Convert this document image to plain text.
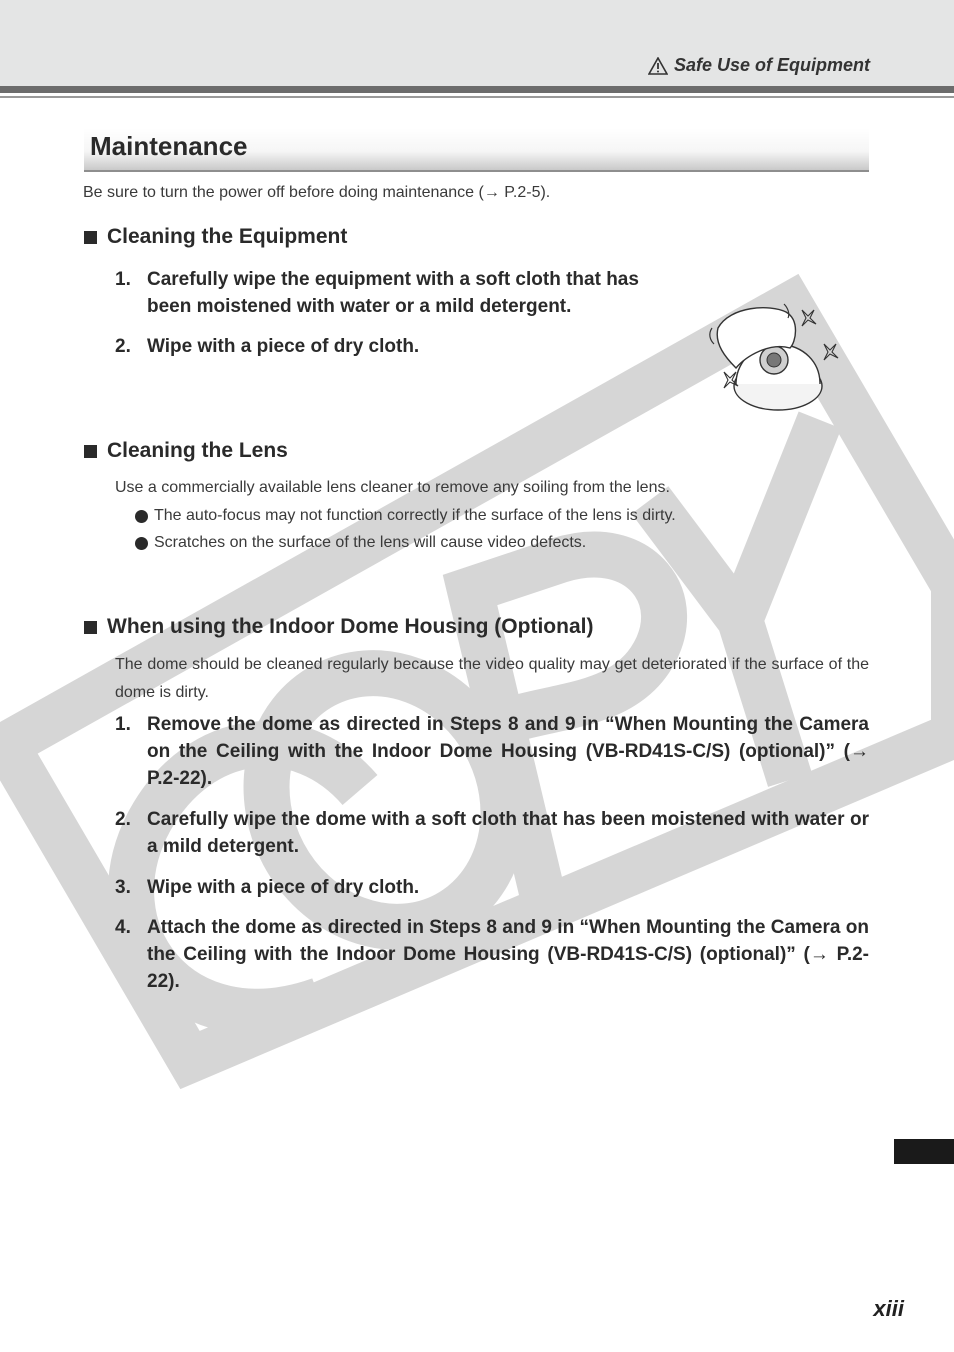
Safe Use of Equipment
Maintenance
Be sure to turn the power off before doing maintenance (→ P.2-5).
Cleaning the Equipment
1. Carefully wipe the equipment with a soft cloth that has
been moistened with water or a mild detergent.
2. Wipe with a piece of dry cloth.
Cleaning the Lens
Use a commercially available lens cleaner to remove any soiling from the lens.
The auto-focus may not function correctly if the surface of the lens is dirty.
Scratches on the surface of the lens will cause video defects.
When using the Indoor Dome Housing (Optional)
The dome should be cleaned regularly because the video quality may get deteriorated if the surface of the dome is dirty.
1. Remove the dome as directed in Steps 8 and 9 in “When Mounting the Camera on the Ceiling with the Indoor Dome Housing (VB-RD41S-C/S) (optional)” (→ P.2-22).
2. Carefully wipe the dome with a soft cloth that has been moistened with water or a mild detergent.
3. Wipe with a piece of dry cloth.
4. Attach the dome as directed in Steps 8 and 9 in “When Mounting the Camera on the Ceiling with the Indoor Dome Housing (VB-RD41S-C/S) (optional)” (→ P.2-22).
xiii
